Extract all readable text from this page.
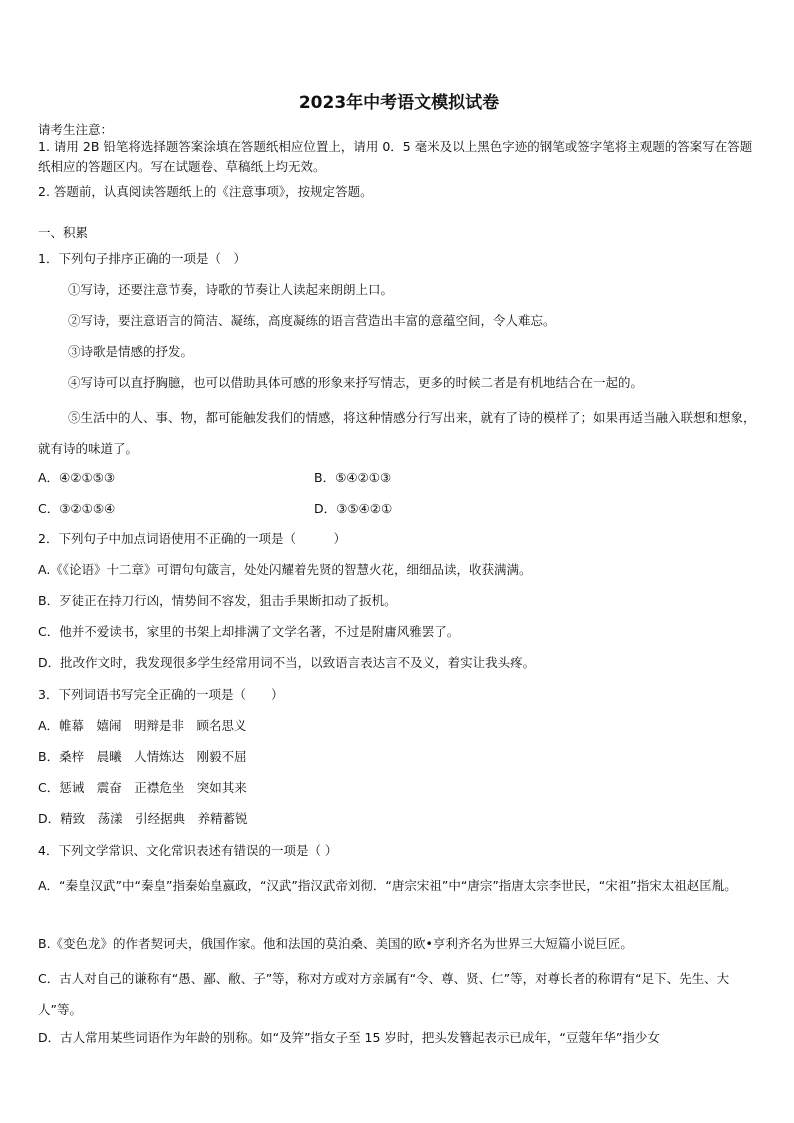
2023年中考语文模拟试卷
请考生注意：
1. 请用 2B 铅笔将选择题答案涂填在答题纸相应位置上，请用 0．5 毫米及以上黑色字迹的钢笔或签字笔将主观题的答案写在答题纸相应的答题区内。写在试题卷、草稿纸上均无效。
2. 答题前，认真阅读答题纸上的《注意事项》，按规定答题。
一、积累
1．下列句子排序正确的一项是（　）
①写诗，还要注意节奏，诗歌的节奏让人读起来朗朗上口。
②写诗，要注意语言的简洁、凝练，高度凝练的语言营造出丰富的意蕴空间，令人难忘。
③诗歌是情感的抒发。
④写诗可以直抒胸臆，也可以借助具体可感的形象来抒写情志，更多的时候二者是有机地结合在一起的。
⑤生活中的人、事、物，都可能触发我们的情感，将这种情感分行写出来，就有了诗的模样了；如果再适当融入联想和想象，就有诗的味道了。
A．④②①⑤③	B．⑤④②①③
C．③②①⑤④	D．③⑤④②①
2．下列句子中加点词语使用不正确的一项是（　　　）
A.《《论语》十二章》可谓句句箴言，处处闪耀着先贤的智慧火花，细细品读，收获满满。
B．歹徒正在持刀行凶，情势间不容发，狙击手果断扣动了扳机。
C．他并不爱读书，家里的书架上却排满了文学名著，不过是附庸风雅罢了。
D．批改作文时，我发现很多学生经常用词不当，以致语言表达言不及义，着实让我头疼。
3．下列词语书写完全正确的一项是（　　）
A．帷幕　嬉闹　明辩是非　顾名思义
B．桑梓　晨曦　人情炼达　刚毅不屈
C．惩诫　震奋　正襟危坐　突如其来
D．精致　荡漾　引经据典　养精蓄锐
4．下列文学常识、文化常识表述有错误的一项是（ ）
A．“秦皇汉武”中“秦皇”指秦始皇嬴政，“汉武”指汉武帝刘彻．“唐宗宋祖”中“唐宗”指唐太宗李世民，“宋祖”指宋太祖赵匡胤。
B.《变色龙》的作者契诃夫，俄国作家。他和法国的莫泊桑、美国的欧•亨利齐名为世界三大短篇小说巨匠。
C．古人对自己的谦称有“愚、鄙、敝、子”等，称对方或对方亲属有“令、尊、贤、仁”等，对尊长者的称谓有“足下、先生、大人”等。
D．古人常用某些词语作为年龄的别称。如“及笄”指女子至 15 岁时，把头发簪起表示已成年，“豆蔻年华”指少女
